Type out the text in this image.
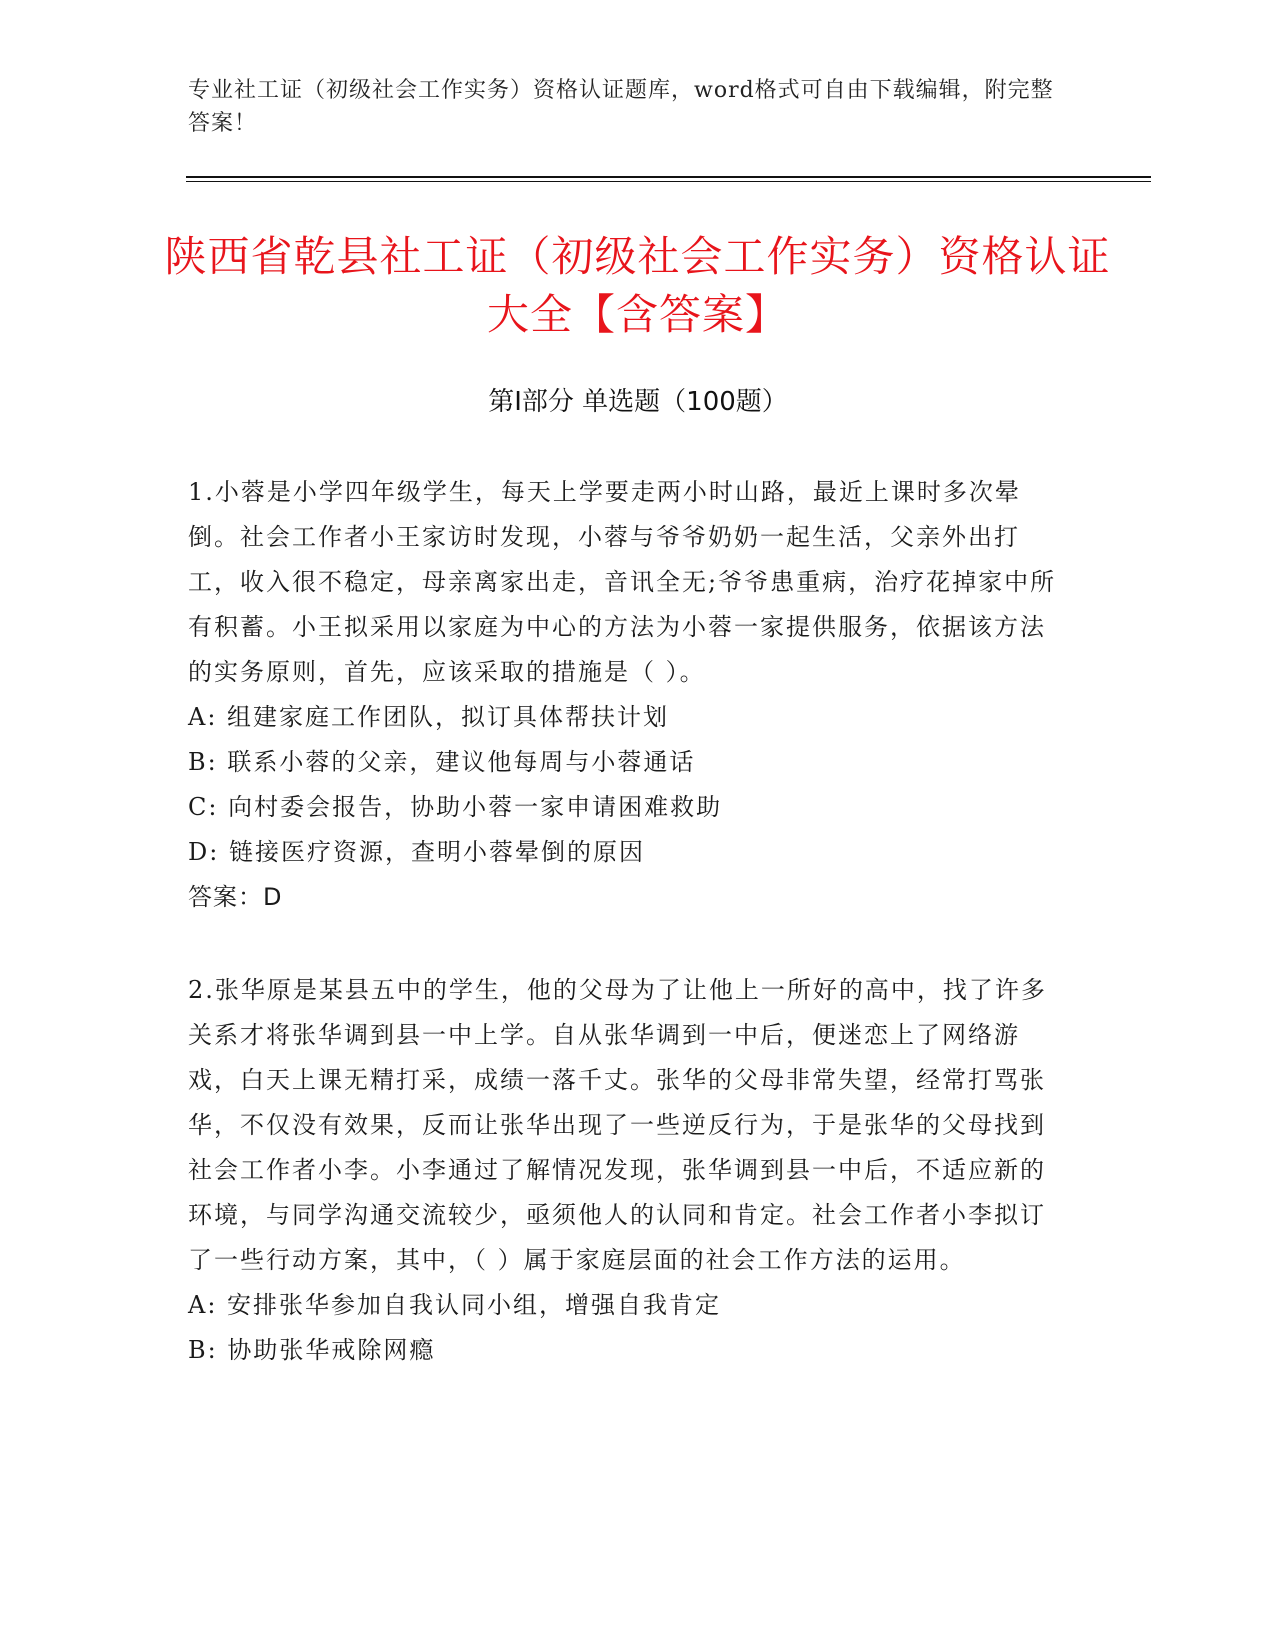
专业社工证（初级社会工作实务）资格认证题库，word格式可自由下载编辑，附完整答案！
陕西省乾县社工证（初级社会工作实务）资格认证大全【含答案】
第Ⅰ部分 单选题（100题）

1.小蓉是小学四年级学生，每天上学要走两小时山路，最近上课时多次晕倒。社会工作者小王家访时发现，小蓉与爷爷奶奶一起生活，父亲外出打工，收入很不稳定，母亲离家出走，音讯全无;爷爷患重病，治疗花掉家中所有积蓄。小王拟采用以家庭为中心的方法为小蓉一家提供服务，依据该方法的实务原则，首先，应该采取的措施是（ ）。

A: 组建家庭工作团队，拟订具体帮扶计划

B: 联系小蓉的父亲，建议他每周与小蓉通话

C: 向村委会报告，协助小蓉一家申请困难救助

D: 链接医疗资源，查明小蓉晕倒的原因

答案：D

2.张华原是某县五中的学生，他的父母为了让他上一所好的高中，找了许多关系才将张华调到县一中上学。自从张华调到一中后，便迷恋上了网络游戏，白天上课无精打采，成绩一落千丈。张华的父母非常失望，经常打骂张华，不仅没有效果，反而让张华出现了一些逆反行为，于是张华的父母找到社会工作者小李。小李通过了解情况发现，张华调到县一中后，不适应新的环境，与同学沟通交流较少，亟须他人的认同和肯定。社会工作者小李拟订了一些行动方案，其中，（ ）属于家庭层面的社会工作方法的运用。

A: 安排张华参加自我认同小组，增强自我肯定

B: 协助张华戒除网瘾
